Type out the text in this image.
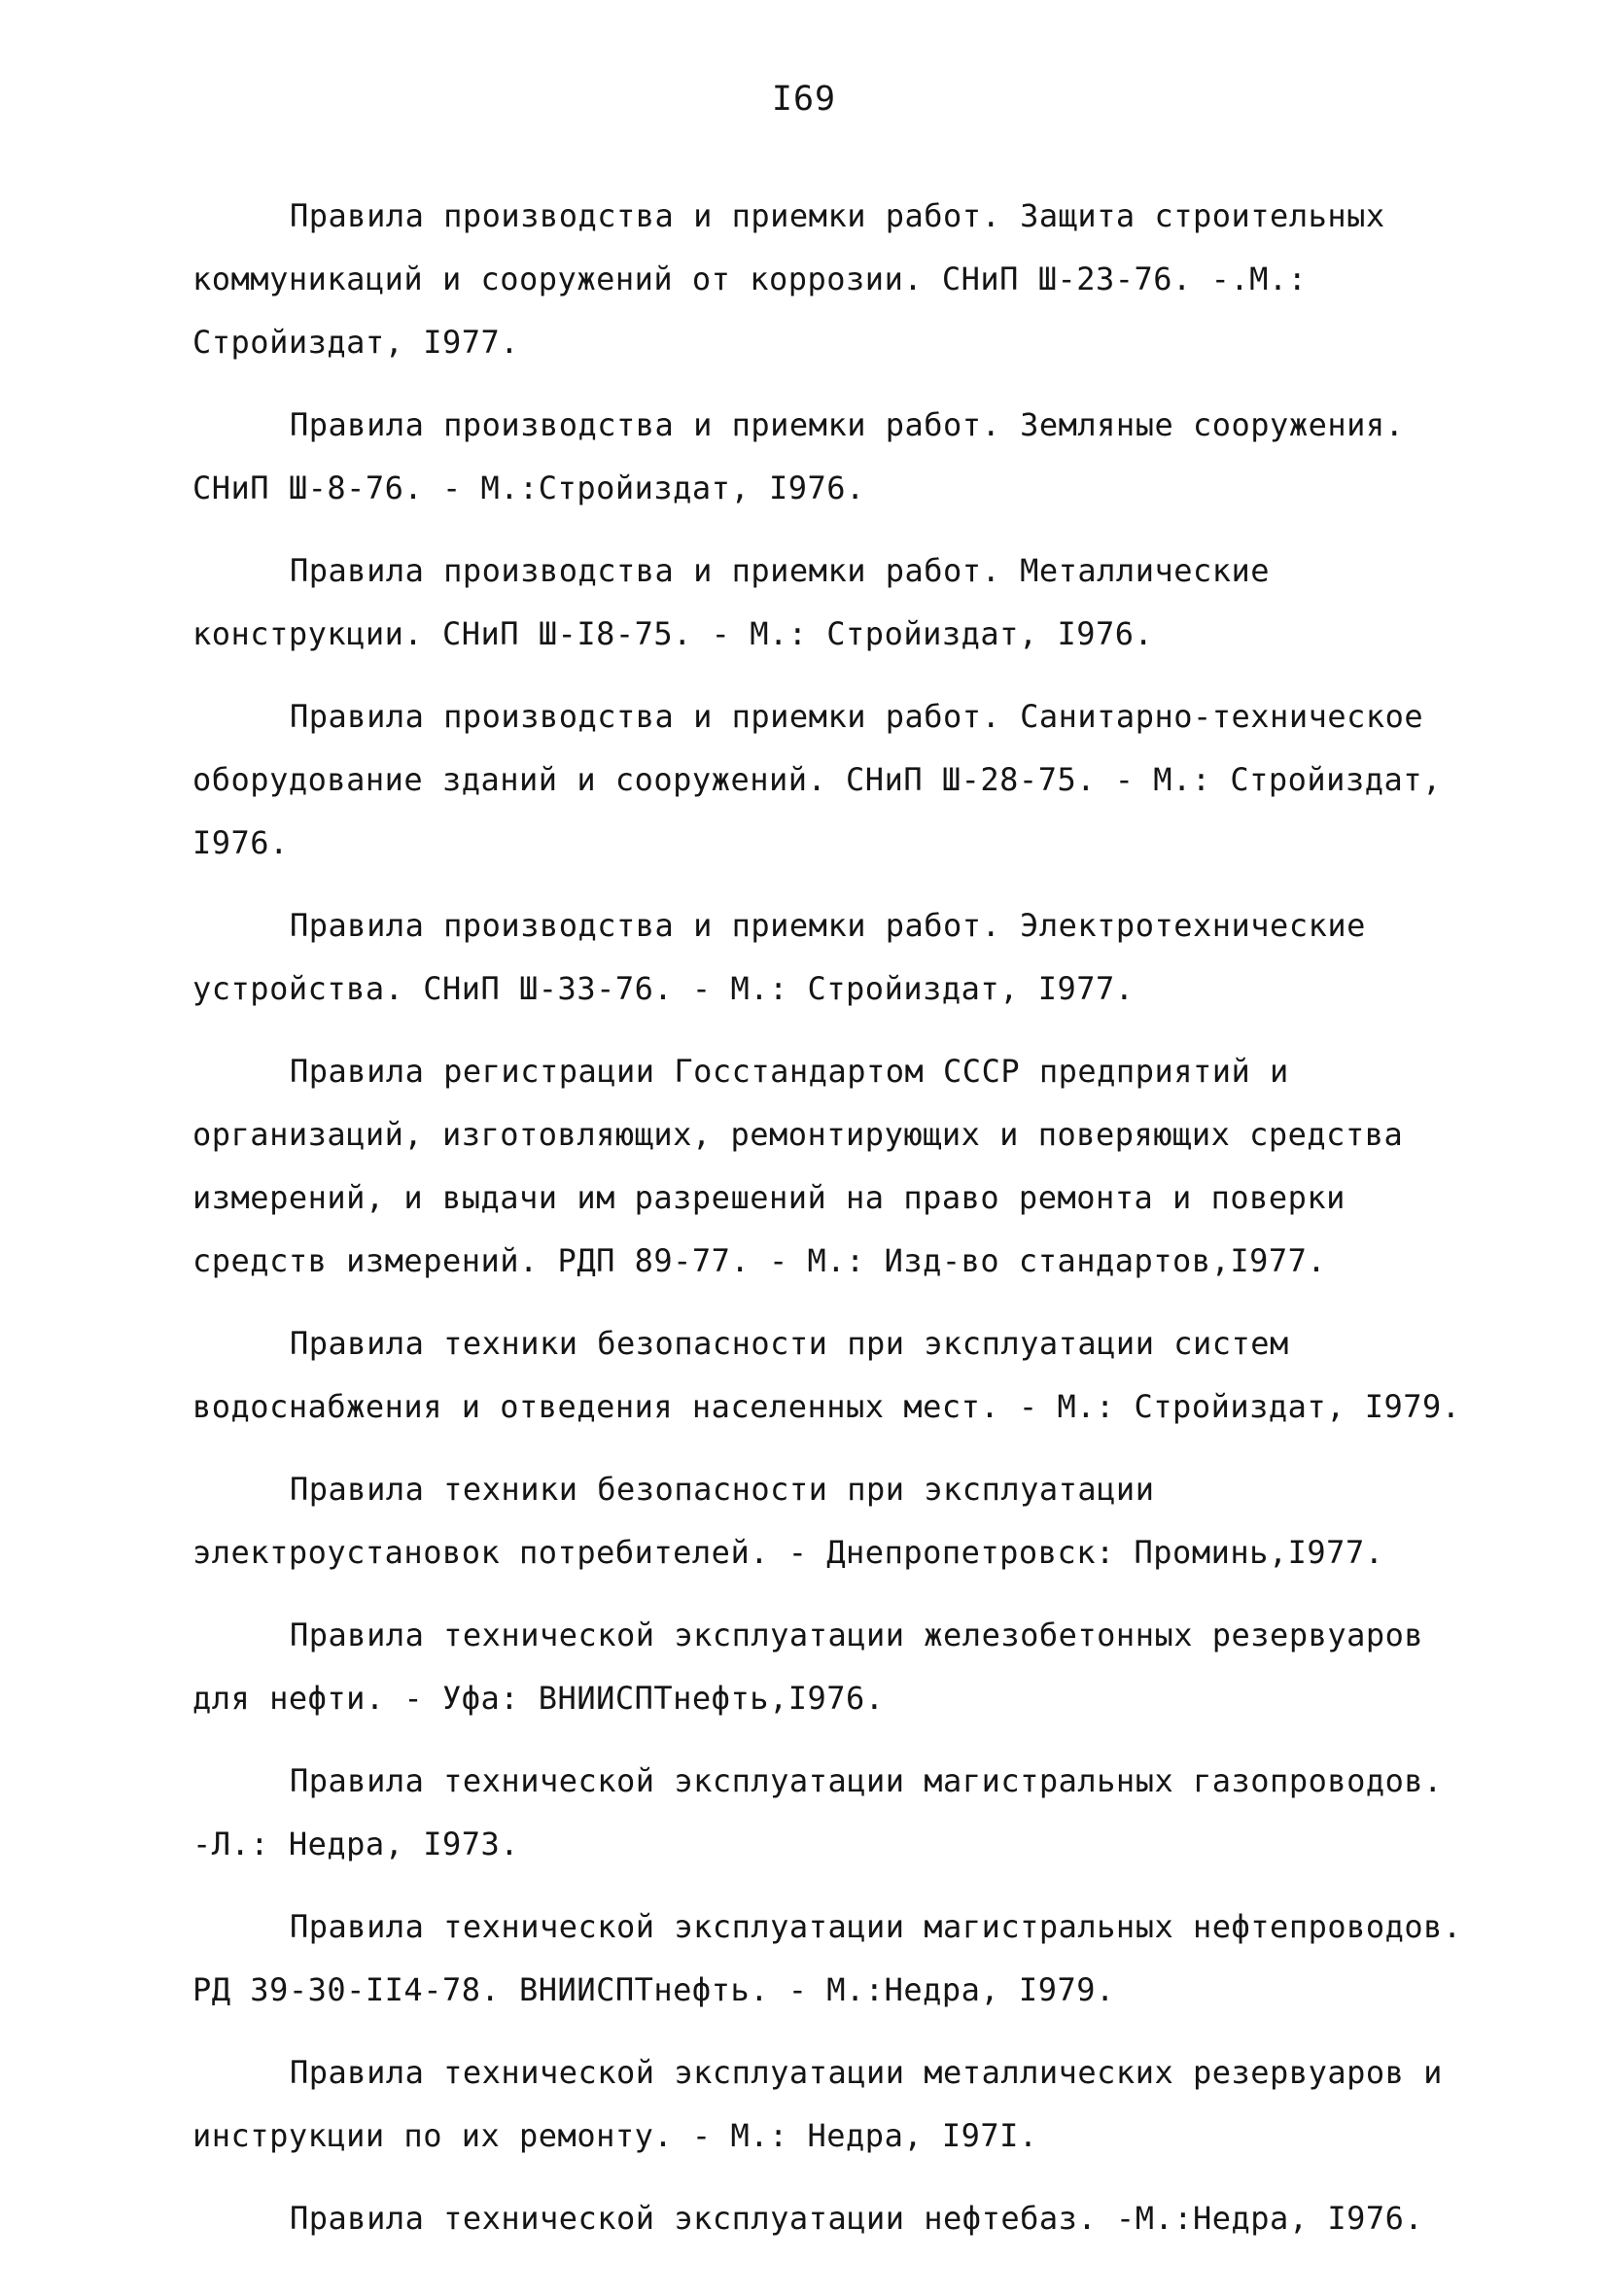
I69

Правила производства и приемки работ. Защита строительных коммуникаций и сооружений от коррозии. СНиП Ш-23-76. -.М.: Стройиздат, I977.

Правила производства и приемки работ. Земляные сооружения. СНиП Ш-8-76. - М.:Стройиздат, I976.

Правила производства и приемки работ. Металлические конструкции. СНиП Ш-I8-75. - М.: Стройиздат, I976.

Правила производства и приемки работ. Санитарно-техническое оборудование зданий и сооружений. СНиП Ш-28-75. - М.: Стройиздат, I976.

Правила производства и приемки работ. Электротехнические устройства. СНиП Ш-33-76. - М.: Стройиздат, I977.

Правила регистрации Госстандартом СССР предприятий и организаций, изготовляющих, ремонтирующих и поверяющих средства измерений, и выдачи им разрешений на право ремонта и поверки средств измерений. РДП 89-77. - М.: Изд-во стандартов,I977.

Правила техники безопасности при эксплуатации систем водоснабжения и отведения населенных мест. - М.: Стройиздат, I979.

Правила техники безопасности при эксплуатации электроустановок потребителей. - Днепропетровск: Проминь,I977.

Правила технической эксплуатации железобетонных резервуаров для нефти. - Уфа: ВНИИСПТнефть,I976.

Правила технической эксплуатации магистральных газопроводов. -Л.: Недра, I973.

Правила технической эксплуатации магистральных нефтепроводов. РД 39-30-II4-78. ВНИИСПТнефть. - М.:Недра, I979.

Правила технической эксплуатации металлических резервуаров и инструкции по их ремонту. - М.: Недра, I97I.

Правила технической эксплуатации нефтебаз. -М.:Недра, I976.
